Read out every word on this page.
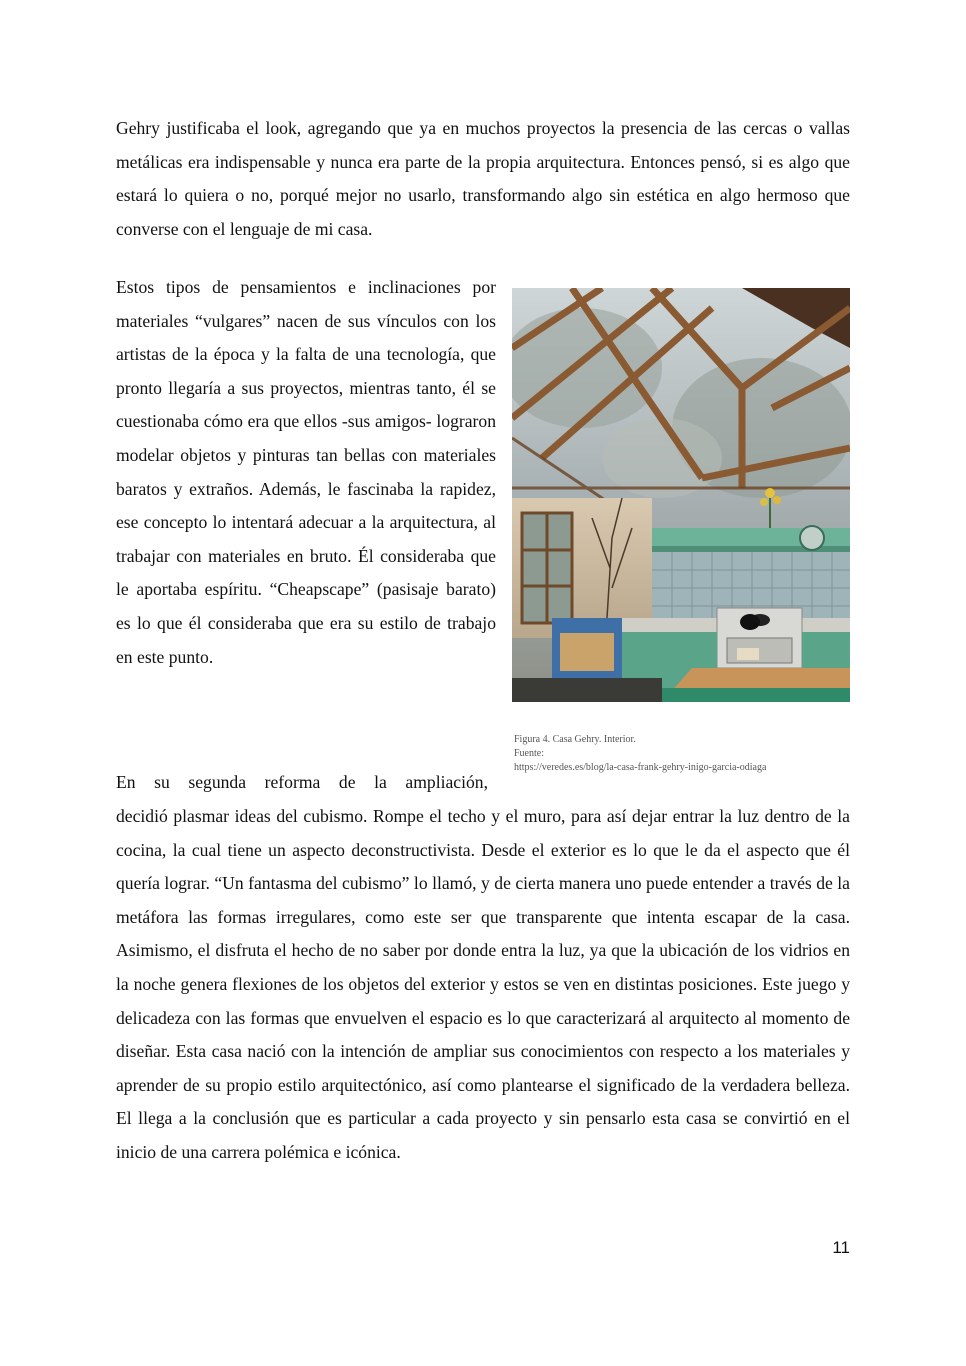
Gehry justificaba el look, agregando que ya en muchos proyectos la presencia de las cercas o vallas metálicas era indispensable y nunca era parte de la propia arquitectura. Entonces pensó, si es algo que estará lo quiera o no, porqué mejor no usarlo, transformando algo sin estética en algo hermoso que converse con el lenguaje de mi casa.

Estos tipos de pensamientos e inclinaciones por materiales “vulgares” nacen de sus vínculos con los artistas de la época y la falta de una tecnología, que pronto llegaría a sus proyectos, mientras tanto, él se cuestionaba cómo era que ellos -sus amigos- lograron modelar objetos y pinturas tan bellas con materiales baratos y extraños. Además, le fascinaba la rapidez, ese concepto lo intentará adecuar a la arquitectura, al trabajar con materiales en bruto. Él consideraba que le aportaba espíritu. “Cheapscape” (pasisaje barato) es lo que él consideraba que era su estilo de trabajo en este punto.

Figura 4. Casa Gehry. Interior.
Fuente:
https://veredes.es/blog/la-casa-frank-gehry-inigo-garcia-odiaga

En su segunda reforma de la ampliación,

decidió plasmar ideas del cubismo. Rompe el techo y el muro, para así dejar entrar la luz dentro de la cocina, la cual tiene un aspecto deconstructivista. Desde el exterior es lo que le da el aspecto que él quería lograr. “Un fantasma del cubismo” lo llamó, y de cierta manera uno puede entender a través de la metáfora las formas irregulares, como este ser que transparente que intenta escapar de la casa. Asimismo, el disfruta el hecho de no saber por donde entra la luz, ya que la ubicación de los vidrios en la noche genera flexiones de los objetos del exterior y estos se ven en distintas posiciones. Este juego y delicadeza con las formas que envuelven el espacio es lo que caracterizará al arquitecto al momento de diseñar. Esta casa nació con la intención de ampliar sus conocimientos con respecto a los materiales y aprender de su propio estilo arquitectónico, así como plantearse el significado de la verdadera belleza. El llega a la conclusión que es particular a cada proyecto y sin pensarlo esta casa se convirtió en el inicio de una carrera polémica e icónica.

11
